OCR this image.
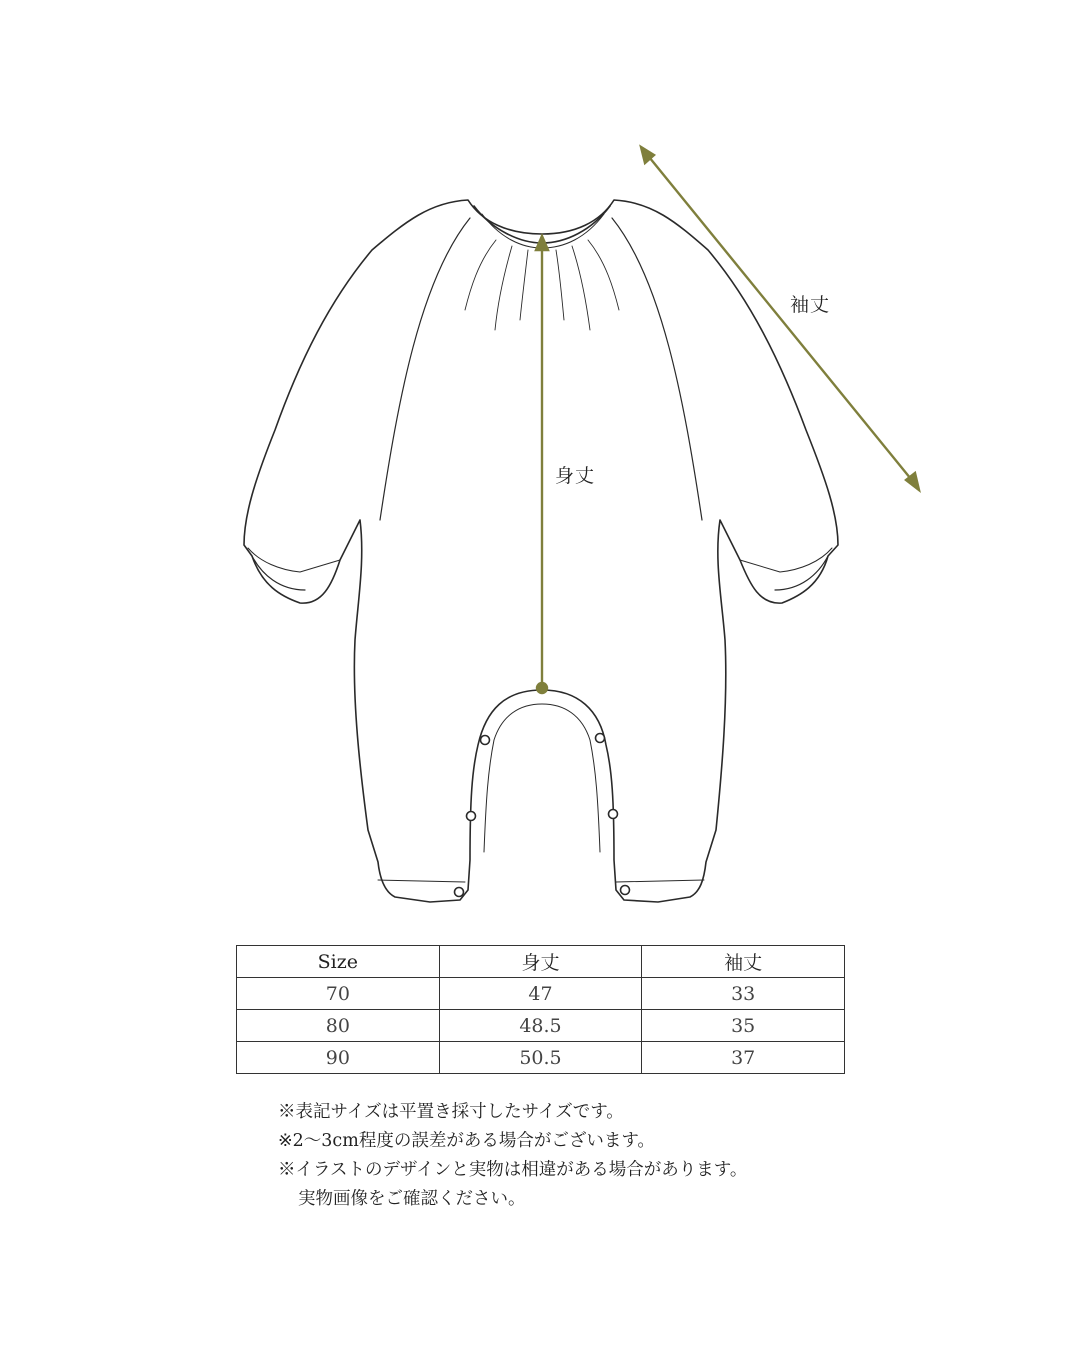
身丈
袖丈
Size	身丈	袖丈
70	47	33
80	48.5	35
90	50.5	37
※表記サイズは平置き採寸したサイズです。
※2～3cm程度の誤差がある場合がございます。
※イラストのデザインと実物は相違がある場合があります。
実物画像をご確認ください。
